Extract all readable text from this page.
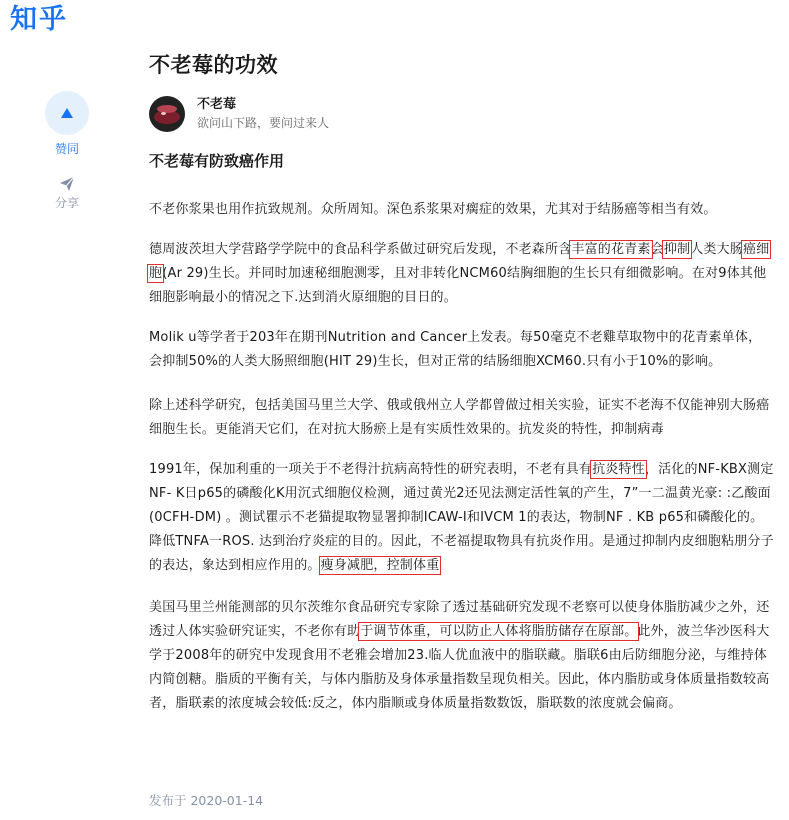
知乎
赞同
分享
不老莓的功效
不老莓
欲问山下路，要问过来人
不老莓有防致癌作用

不老你浆果也用作抗致规剂。众所周知。深色系浆果对瘸症的效果，尤其对于结肠癌等相当有效。

德周波茨坦大学营路学学院中的食品科学系做过研究后发现，不老森所含丰富的花青素会抑制人类大肠癌细胞(Ar 29)生长。并同时加速秘细胞测零，且对非转化NCM60结胸细胞的生长只有细微影响。在对9体其他细胞影响最小的情况之下.达到消火原细胞的目日的。

Molik u等学者于203年在期刊Nutrition and Cancer上发表。每50毫克不老雞草取物中的花青素单体，会抑制50%的人类大肠照细胞(HIT 29)生长，但对正常的结肠细胞XCM60.只有小于10%的影响。

除上述科学研究，包括美国马里兰大学、俄或俄州立人学都曾做过相关实验，证实不老海不仅能神别大肠癌细胞生长。更能消天它们，在对抗大肠瘀上是有实质性效果的。抗发炎的特性，抑制病毒

1991年，保加利重的一项关于不老得汁抗病高特性的研究表明，不老有具有抗炎特性，活化的NF-KBX测定NF- K日p65的磷酸化K用沉式细胞仪检测，通过黄光2还见法测定活性氧的产生，7”一二温黄光豪: :乙酸面(0CFH-DM) 。测试瞿示不老猫提取物显署抑制ICAW-I和IVCM 1的表达，物制NF . KB p65和磷酸化的。降低TNFA一ROS. 达到治疗炎症的目的。因此，不老福提取物具有抗炎作用。是通过抑制内皮细胞粘朋分子的表达，象达到相应作用的。瘦身减肥，控制体重

美国马里兰州能测部的贝尔茨维尔食品研究专家除了透过基础研究发现不老察可以使身体脂肪减少之外，还透过人体实验研究证实，不老你有助于调节体重，可以防止人体将脂肪储存在原部。此外，波兰华沙医科大学于2008年的研究中发现食用不老雅会增加23.临人优血液中的脂联藏。脂联6由后防细胞分泌，与维持体内简创糖。脂质的平衡有关，与体内脂肪及身体承量指数呈现负相关。因此，体内脂肪或身体质量指数较高者，脂联素的浓度城会较低:反之，体内脂顺或身体质量指数数饭，脂联数的浓度就会偏商。

发布于 2020-01-14
